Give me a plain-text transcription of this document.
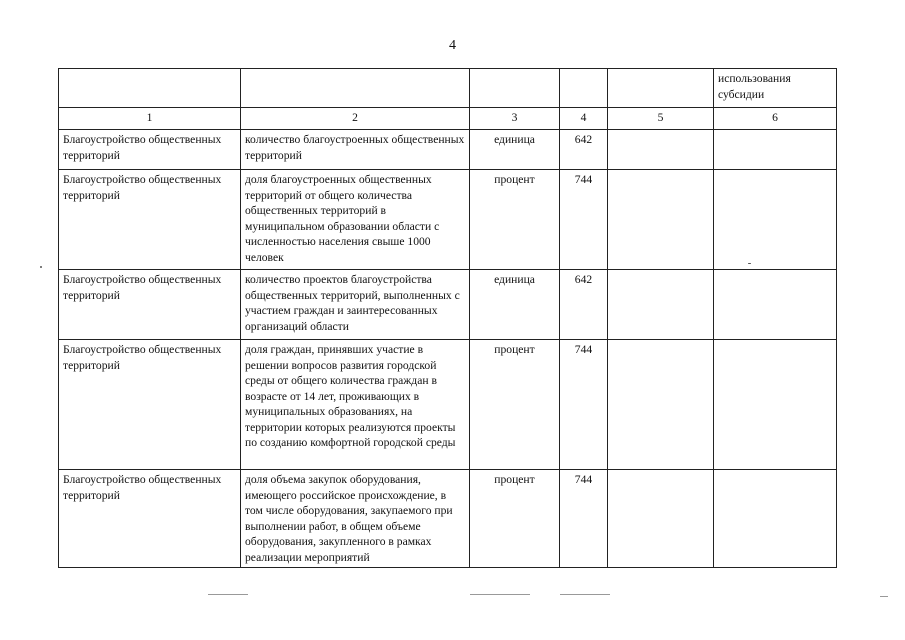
4
					использования субсидии
1	2	3	4	5	6
Благоустройство общественных территорий	количество благоустроенных общественных территорий	единица	642		
Благоустройство общественных территорий	доля благоустроенных общественных территорий от общего количества общественных территорий в муниципальном образовании области с численностью населения свыше 1000 человек	процент	744		
Благоустройство общественных территорий	количество проектов благоустройства общественных территорий, выполненных с участием граждан и заинтересованных организаций области	единица	642		
Благоустройство общественных территорий	доля граждан, принявших участие в решении вопросов развития городской среды от общего количества граждан в возрасте от 14 лет, проживающих в муниципальных образованиях, на территории которых реализуются проекты по созданию комфортной городской среды	процент	744		
Благоустройство общественных территорий	доля объема закупок оборудования, имеющего российское происхождение, в том числе оборудования, закупаемого при выполнении работ, в общем объеме оборудования, закупленного в рамках реализации мероприятий	процент	744		
